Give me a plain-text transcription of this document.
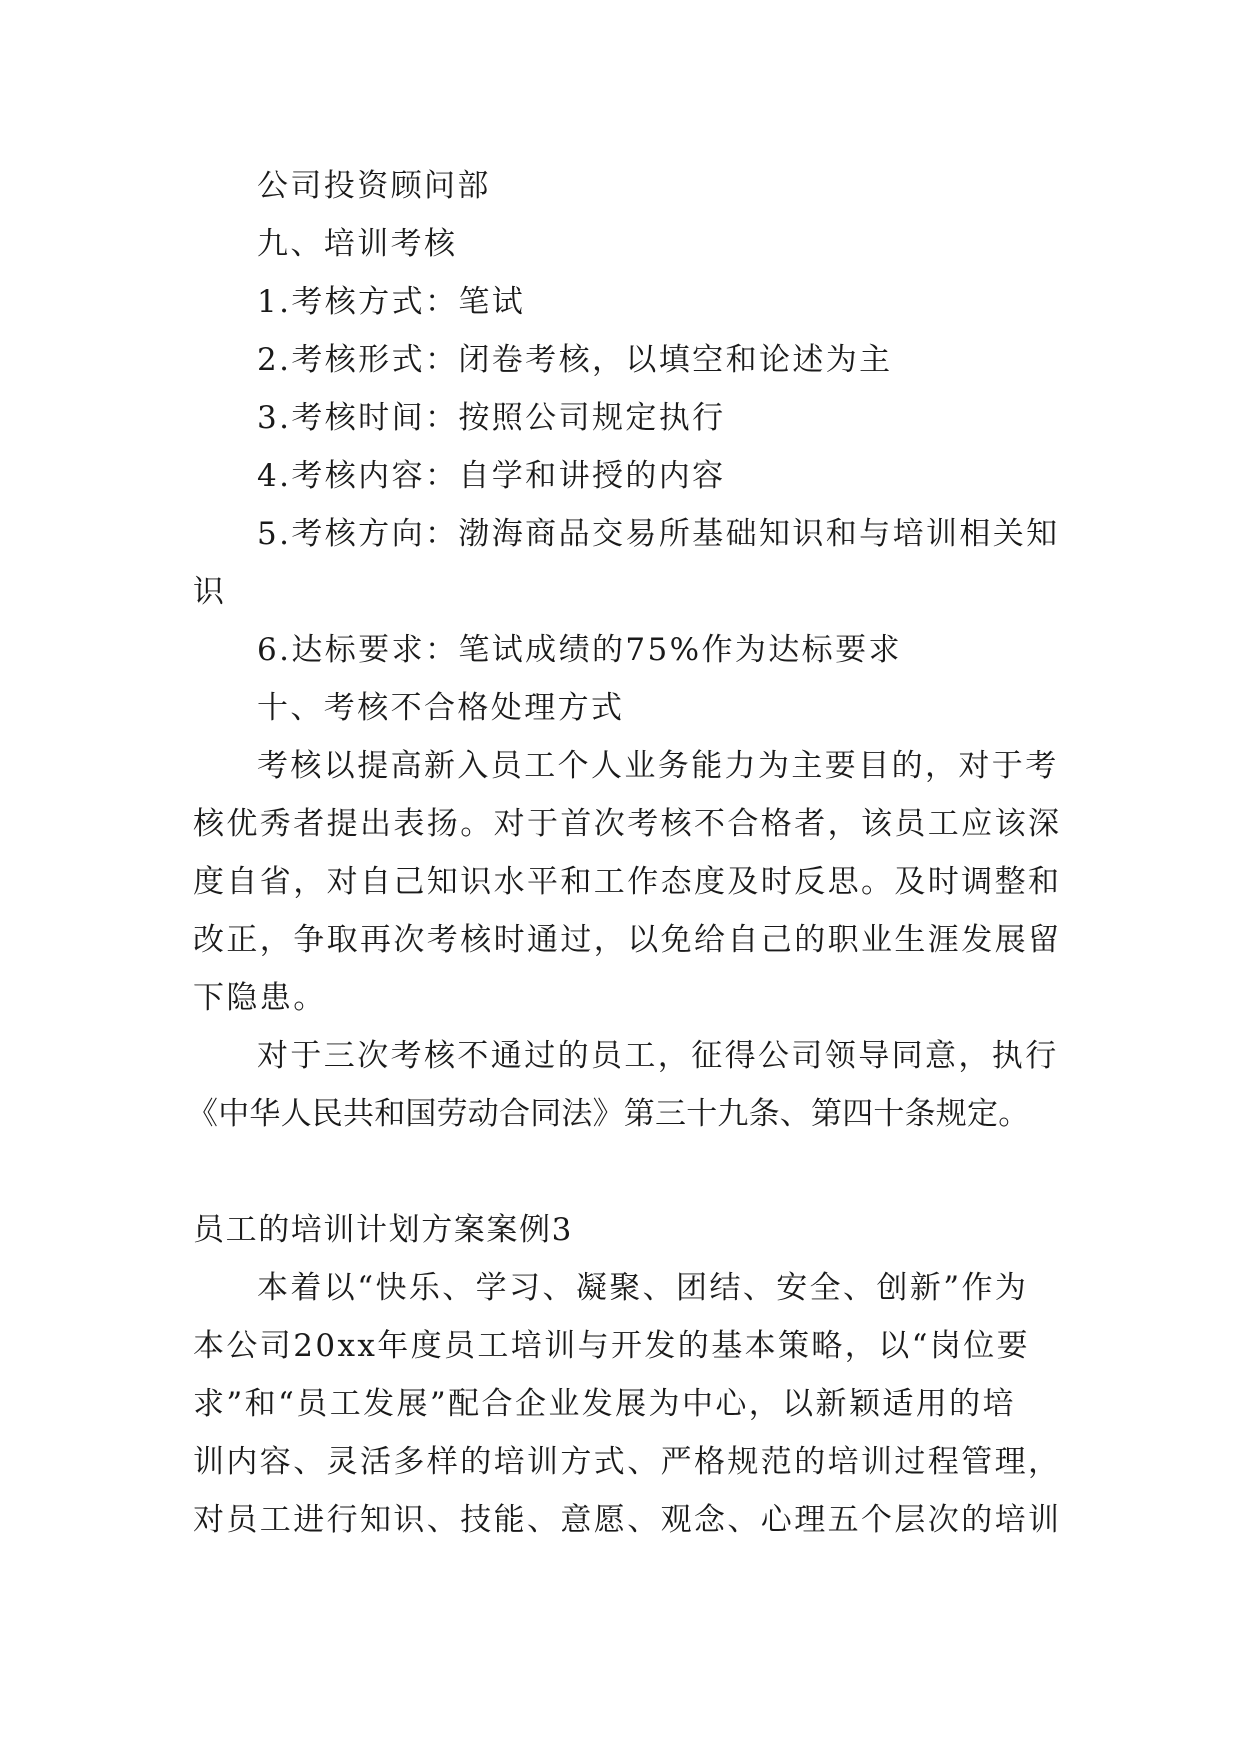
公司投资顾问部
九、培训考核
1.考核方式：笔试
2.考核形式：闭卷考核，以填空和论述为主
3.考核时间：按照公司规定执行
4.考核内容：自学和讲授的内容
5.考核方向：渤海商品交易所基础知识和与培训相关知
识
6.达标要求：笔试成绩的75%作为达标要求
十、考核不合格处理方式
考核以提高新入员工个人业务能力为主要目的，对于考
核优秀者提出表扬。对于首次考核不合格者，该员工应该深
度自省，对自己知识水平和工作态度及时反思。及时调整和
改正，争取再次考核时通过，以免给自己的职业生涯发展留
下隐患。
对于三次考核不通过的员工，征得公司领导同意，执行
《中华人民共和国劳动合同法》第三十九条、第四十条规定。
员工的培训计划方案案例3
本着以“快乐、学习、凝聚、团结、安全、创新”作为
本公司20xx年度员工培训与开发的基本策略，以“岗位要
求”和“员工发展”配合企业发展为中心，以新颖适用的培
训内容、灵活多样的培训方式、严格规范的培训过程管理，
对员工进行知识、技能、意愿、观念、心理五个层次的培训
